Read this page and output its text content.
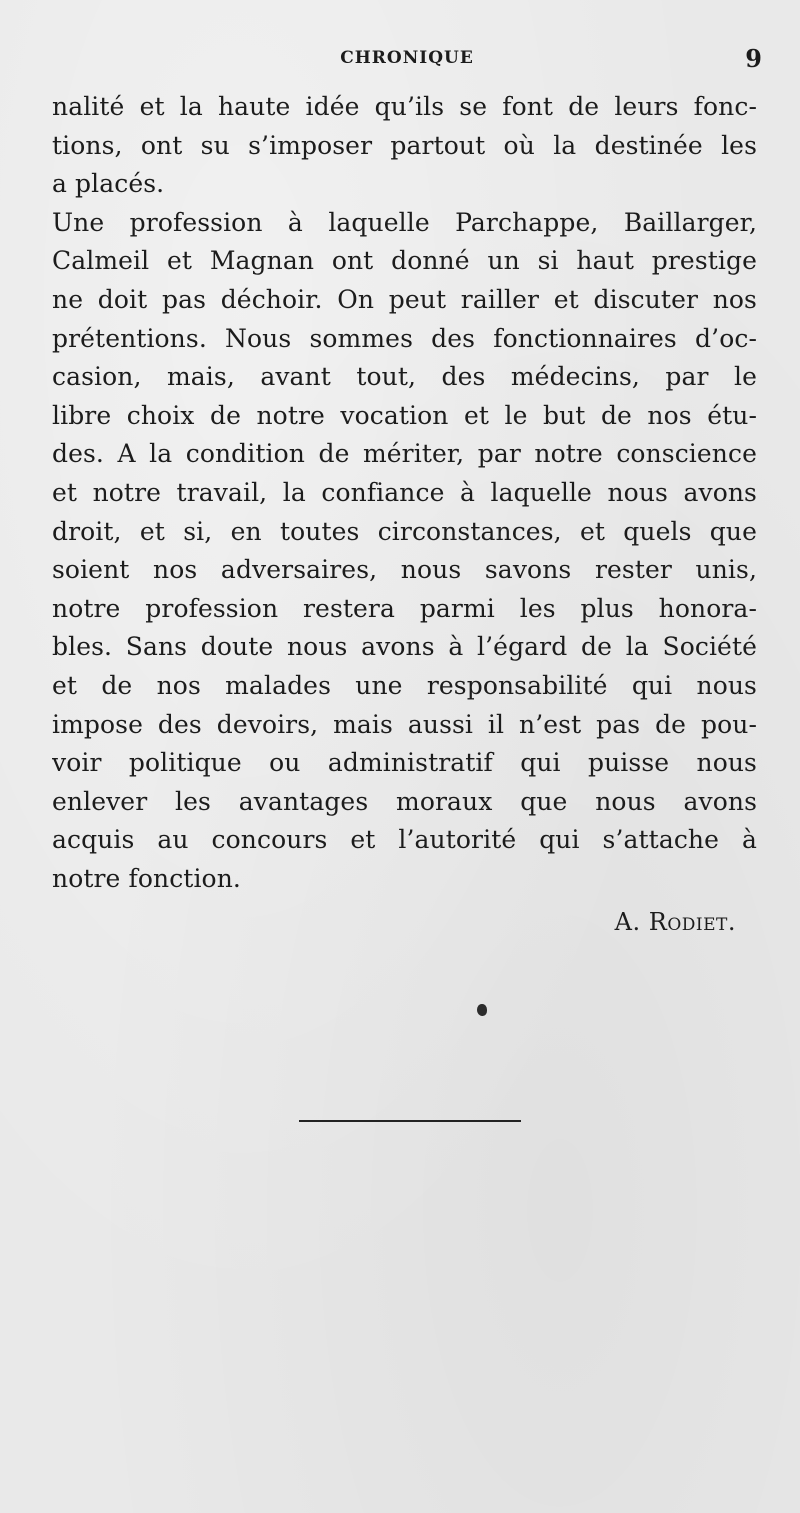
CHRONIQUE	9
nalité et la haute idée qu’ils se font de leurs fonc-
tions, ont su s’imposer partout où la destinée les
a placés.
Une profession à laquelle Parchappe, Baillarger,
Calmeil et Magnan ont donné un si haut prestige
ne doit pas déchoir. On peut railler et discuter nos
prétentions. Nous sommes des fonctionnaires d’oc-
casion, mais, avant tout, des médecins, par le
libre choix de notre vocation et le but de nos étu-
des. A la condition de mériter, par notre conscience
et notre travail, la confiance à laquelle nous avons
droit, et si, en toutes circonstances, et quels que
soient nos adversaires, nous savons rester unis,
notre profession restera parmi les plus honora-
bles. Sans doute nous avons à l’égard de la Société
et de nos malades une responsabilité qui nous
impose des devoirs, mais aussi il n’est pas de pou-
voir politique ou administratif qui puisse nous
enlever les avantages moraux que nous avons
acquis au concours et l’autorité qui s’attache à
notre fonction.
A. Rodiet.
